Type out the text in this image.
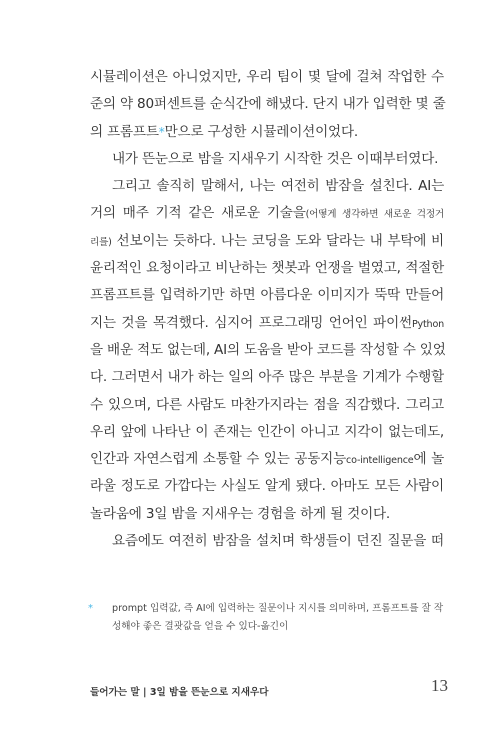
시뮬레이션은 아니었지만, 우리 팀이 몇 달에 걸쳐 작업한 수
준의 약 80퍼센트를 순식간에 해냈다. 단지 내가 입력한 몇 줄
의 프롬프트*만으로 구성한 시뮬레이션이었다.
내가 뜬눈으로 밤을 지새우기 시작한 것은 이때부터였다.
그리고 솔직히 말해서, 나는 여전히 밤잠을 설친다. AI는
거의 매주 기적 같은 새로운 기술을(어떻게 생각하면 새로운 걱정거
리를) 선보이는 듯하다. 나는 코딩을 도와 달라는 내 부탁에 비
윤리적인 요청이라고 비난하는 챗봇과 언쟁을 벌였고, 적절한
프롬프트를 입력하기만 하면 아름다운 이미지가 뚝딱 만들어
지는 것을 목격했다. 심지어 프로그래밍 언어인 파이썬Python
을 배운 적도 없는데, AI의 도움을 받아 코드를 작성할 수 있었
다. 그러면서 내가 하는 일의 아주 많은 부분을 기계가 수행할
수 있으며, 다른 사람도 마찬가지라는 점을 직감했다. 그리고
우리 앞에 나타난 이 존재는 인간이 아니고 지각이 없는데도,
인간과 자연스럽게 소통할 수 있는 공동지능co-intelligence에 놀
라울 정도로 가깝다는 사실도 알게 됐다. 아마도 모든 사람이
놀라움에 3일 밤을 지새우는 경험을 하게 될 것이다.
요즘에도 여전히 밤잠을 설치며 학생들이 던진 질문을 떠
*	prompt 입력값, 즉 AI에 입력하는 질문이나 지시를 의미하며, 프롬프트를 잘 작
성해야 좋은 결괏값을 얻을 수 있다-옮긴이
들어가는 말 | 3일 밤을 뜬눈으로 지새우다	13
